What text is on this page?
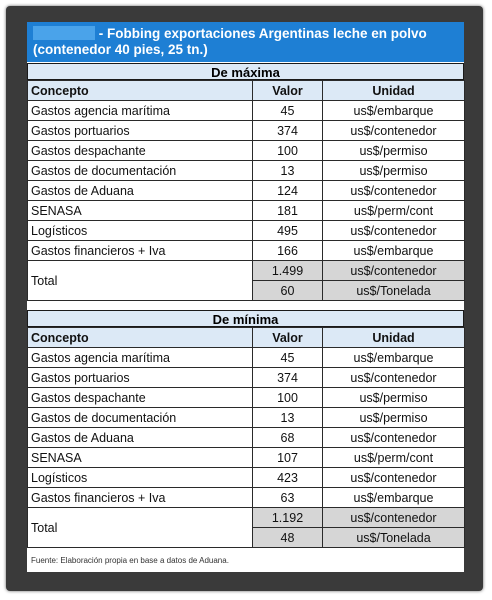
- Fobbing exportaciones Argentinas leche en polvo
(contenedor 40 pies, 25 tn.)
De máxima
Concepto	Valor	Unidad
Gastos agencia marítima	45	us$/embarque
Gastos portuarios	374	us$/contenedor
Gastos despachante	100	us$/permiso
Gastos de documentación	13	us$/permiso
Gastos de Aduana	124	us$/contenedor
SENASA	181	us$/perm/cont
Logísticos	495	us$/contenedor
Gastos financieros + Iva	166	us$/embarque
Total	1.499	us$/contenedor
	60	us$/Tonelada
De mínima
Concepto	Valor	Unidad
Gastos agencia marítima	45	us$/embarque
Gastos portuarios	374	us$/contenedor
Gastos despachante	100	us$/permiso
Gastos de documentación	13	us$/permiso
Gastos de Aduana	68	us$/contenedor
SENASA	107	us$/perm/cont
Logísticos	423	us$/contenedor
Gastos financieros + Iva	63	us$/embarque
Total	1.192	us$/contenedor
	48	us$/Tonelada
Fuente: Elaboración propia en base a datos de Aduana.
